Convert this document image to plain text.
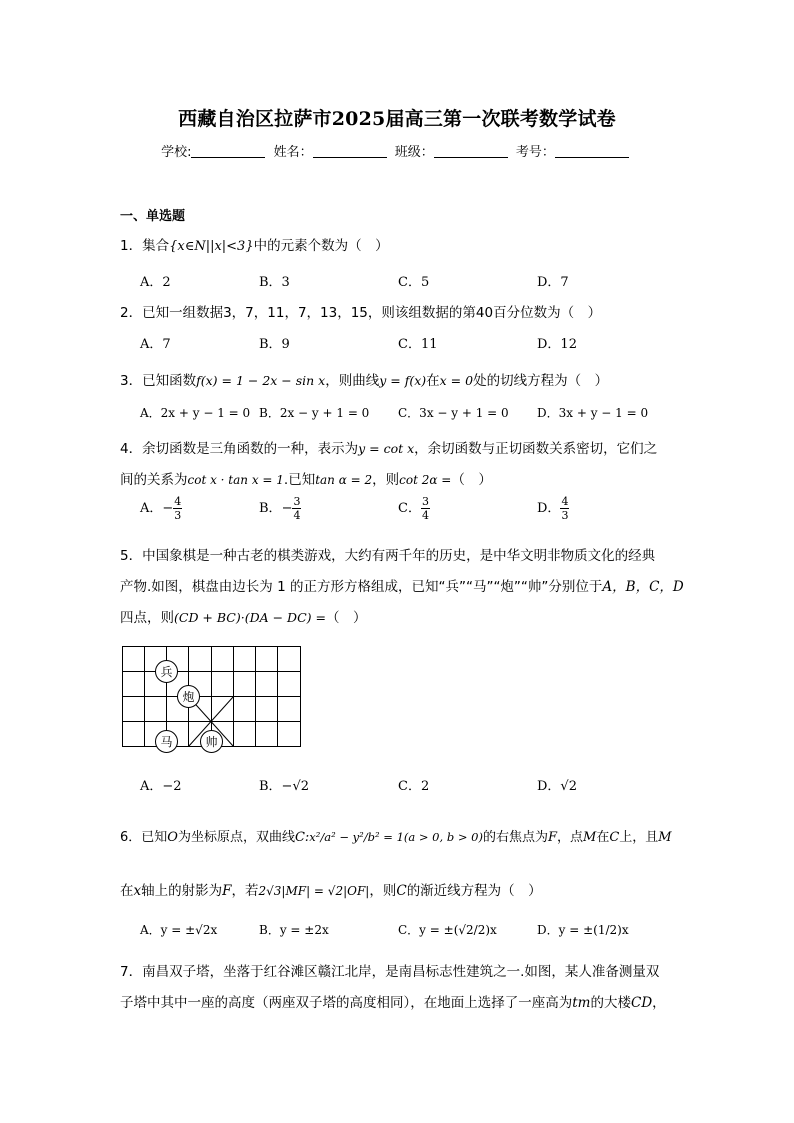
西藏自治区拉萨市2025届高三第一次联考数学试卷
学校:	姓名：	班级：	考号：
一、单选题
1．集合{x∈N||x|<3}中的元素个数为（　）
A．2	B．3	C．5	D．7
2．已知一组数据3，7，11，7，13，15，则该组数据的第40百分位数为（　）
A．7	B．9	C．11	D．12
3．已知函数f(x) = 1 − 2x − sin x，则曲线y = f(x)在x = 0处的切线方程为（　）
A．2x + y − 1 = 0 B．2x − y + 1 = 0 C．3x − y + 1 = 0 D．3x + y − 1 = 0
4．余切函数是三角函数的一种，表示为y = cot x，余切函数与正切函数关系密切，它们之
间的关系为cot x · tan x = 1.已知tan α = 2，则cot 2α =（　）
A．− $\frac{4}{3}$	B．− $\frac{3}{4}$	C． $\frac{3}{4}$	D． $\frac{4}{3}$
5．中国象棋是一种古老的棋类游戏，大约有两千年的历史，是中华文明非物质文化的经典
产物.如图，棋盘由边长为 1 的正方形方格组成，已知“兵”“马”“炮”“帅”分别位于A，B，C，D
四点，则(CD + BC)·(DA − DC) =（　）
兵
炮
马	帅
A．−2	B．−√2	C．2	D．√2
6．已知O为坐标原点，双曲线C:x²/a² − y²/b² = 1(a > 0, b > 0)的右焦点为F，点M在C上，且M
在x轴上的射影为F，若2√3|MF| = √2|OF|，则C的渐近线方程为（　）
A．y = ±√2x	B．y = ±2x	C．y = ±(√2/2)x	D．y = ±(1/2)x
7．南昌双子塔，坐落于红谷滩区赣江北岸，是南昌标志性建筑之一.如图，某人准备测量双
子塔中其中一座的高度（两座双子塔的高度相同），在地面上选择了一座高为tm的大楼CD，
